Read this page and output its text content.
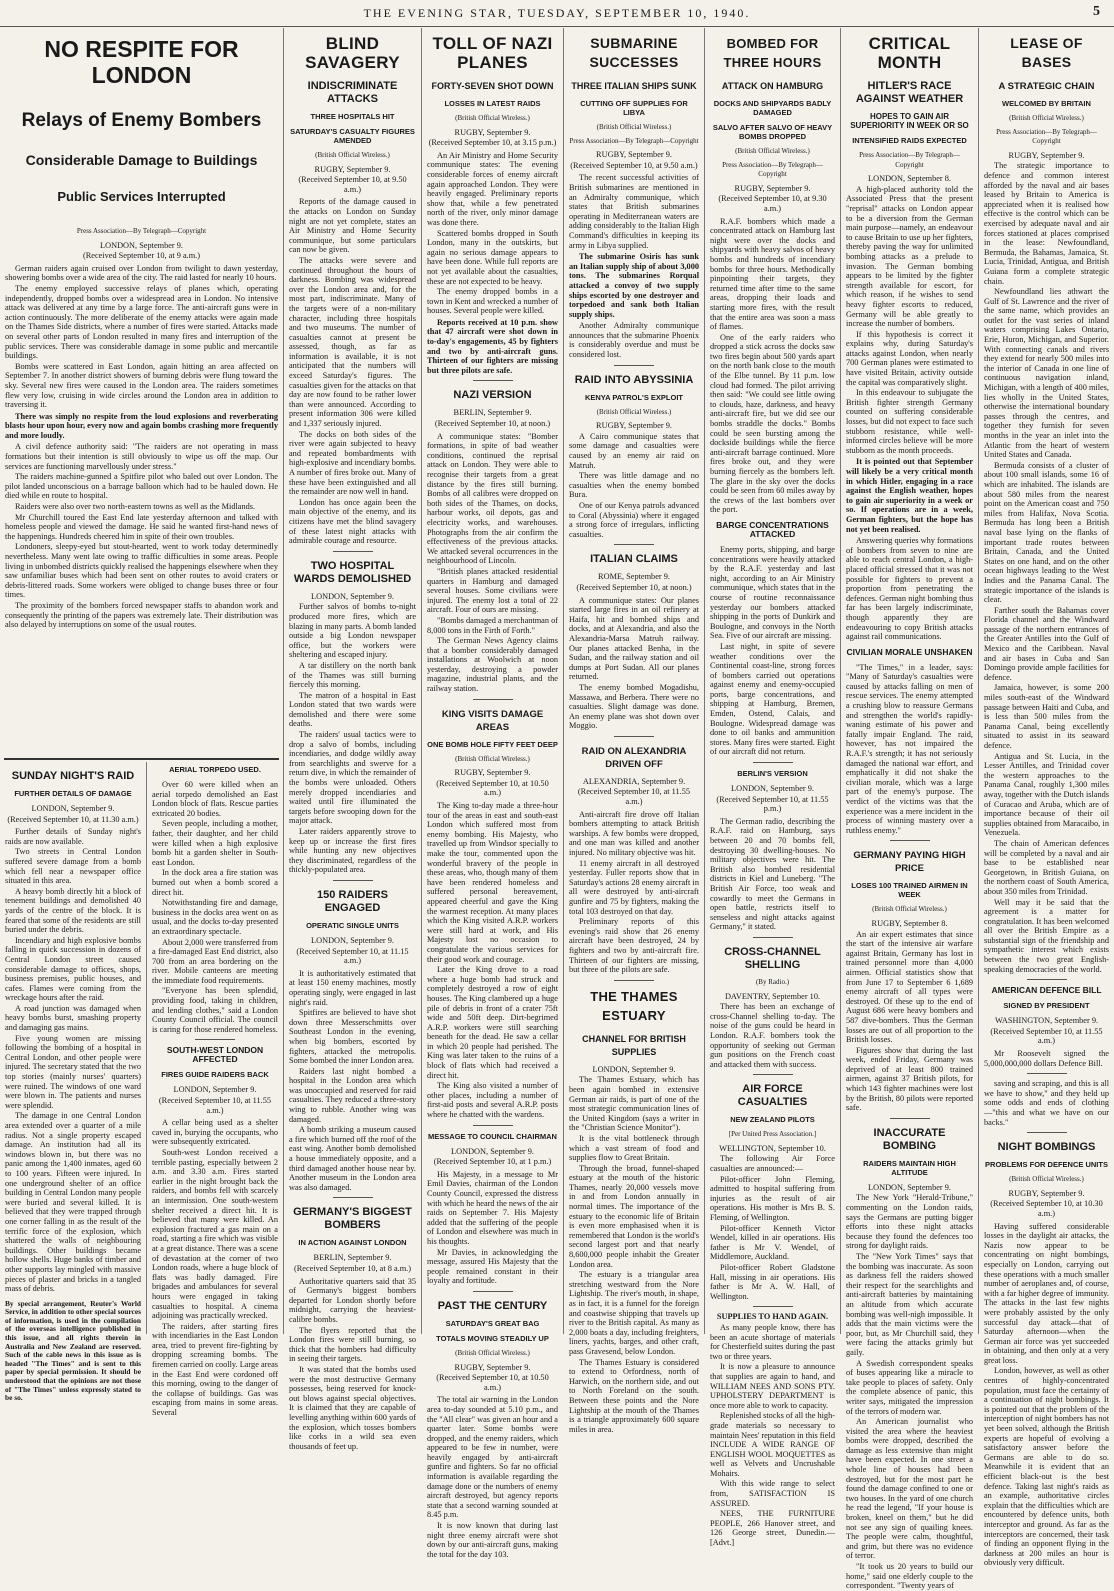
THE EVENING STAR, TUESDAY, SEPTEMBER 10, 1940.	5
NO RESPITE FOR LONDON
Relays of Enemy Bombers
Considerable Damage to Buildings
Public Services Interrupted
Press Association—By Telegraph—Copyright
LONDON, September 9.
(Received September 10, at 9 a.m.)

German raiders again cruised over London from twilight to dawn yesterday, showering bombs over a wide area of the city. The raid lasted for nearly 10 hours.

The enemy employed successive relays of planes which, operating independently, dropped bombs over a widespread area in London. No intensive attack was delivered at any time by a large force. The anti-aircraft guns were in action continuously. The more deliberate of the enemy attacks were again made on the Thames Side districts, where a number of fires were started. Attacks made on several other parts of London resulted in many fires and interruption of the public services. There was considerable damage in some public and mercantile buildings.

Bombs were scattered in East London, again hitting an area affected on September 7. In another district showers of burning debris were flung toward the sky. Several new fires were caused in the London area. The raiders sometimes flew very low, cruising in wide circles around the London area in addition to traversing it.

There was simply no respite from the loud explosions and reverberating blasts hour upon hour, every now and again bombs crashing more frequently and more loudly.

A civil defence authority said: "The raiders are not operating in mass formations but their intention is still obviously to wipe us off the map. Our services are functioning marvellously under stress."

The raiders machine-gunned a Spitfire pilot who baled out over London. The pilot landed unconscious on a barrage balloon which had to be hauled down. He died while en route to hospital.

Raiders were also over two north-eastern towns as well as the Midlands.

Mr Churchill toured the East End late yesterday afternoon and talked with homeless people and viewed the damage. He said he wanted first-hand news of the happenings. Hundreds cheered him in spite of their own troubles.

Londoners, sleepy-eyed but stout-hearted, went to work today determinedly nevertheless. Many went late owing to traffic difficulties in some areas. People living in unbombed districts quickly realised the happenings elsewhere when they saw unfamiliar buses which had been sent on other routes to avoid craters or debris-littered roads. Some workers were obliged to change buses three or four times.

The proximity of the bombers forced newspaper staffs to abandon work and consequently the printing of the papers was extremely late. Their distribution was also delayed by interruptions on some of the usual routes.

SUNDAY NIGHT'S RAID
FURTHER DETAILS OF DAMAGE
LONDON, September 9.
(Received September 10, at 11.30 a.m.)

Further details of Sunday night's raids are now available.

Two streets in Central London suffered severe damage from a bomb which fell near a newspaper office situated in this area.

A heavy bomb directly hit a block of tenement buildings and demolished 40 yards of the centre of the block. It is feared that some of the residents are still buried under the debris.

Incendiary and high explosive bombs falling in quick succession in dozens of Central London street caused considerable damage to offices, shops, business premises, public houses, and cafes. Flames were coming from the wreckage hours after the raid.

A road junction was damaged when heavy bombs burst, smashing property and damaging gas mains.

Five young women are missing following the bombing of a hospital in Central London, and other people were injured. The secretary stated that the two top stories (mainly nurses' quarters) were ruined. The windows of one ward were blown in. The patients and nurses were splendid.

The damage in one Central London area extended over a quarter of a mile radius. Not a single property escaped damage. An institution had all its windows blown in, but there was no panic among the 1,400 inmates, aged 60 to 100 years. Fifteen were injured. In one underground shelter of an office building in Central London many people were buried and several killed. It is believed that they were trapped through one corner falling in as the result of the terrific force of the explosion, which shattered the walls of neighbouring buildings. Other buildings became hollow shells. Huge banks of timber and other supports lay mingled with massive pieces of plaster and bricks in a tangled mass of debris.

By special arrangement, Reuter's World Service, in addition to other special sources of information, is used in the compilation of the overseas intelligence published in this issue, and all rights therein in Australia and New Zealand are reserved. Such of the cable news in this issue as is headed "The Times" and is sent to this paper by special permission. It should be understood that the opinions are not those of "The Times" unless expressly stated to be so.

AERIAL TORPEDO USED.

Over 60 were killed when an aerial torpedo demolished an East London block of flats. Rescue parties extricated 20 bodies.

Seven people, including a mother, father, their daughter, and her child were killed when a high explosive bomb hit a garden shelter in South-east London.

In the dock area a fire station was burned out when a bomb scored a direct hit.

Notwithstanding fire and damage, business in the docks area went on as usual, and the docks to-day presented an extraordinary spectacle.

About 2,000 were transferred from a fire-damaged East End district, also 700 from an area bordering on the river. Mobile canteens are meeting the immediate food requirements.

"Everyone has been splendid, providing food, taking in children, and lending clothes," said a London County Council official. The council is caring for those rendered homeless.

SOUTH-WEST LONDON AFFECTED
FIRES GUIDE RAIDERS BACK
LONDON, September 9.
(Received September 10, at 11.55 a.m.)

A cellar being used as a shelter caved in, burying the occupants, who were subsequently extricated.

South-west London received a terrible pasting, especially between 2 a.m. and 3.30 a.m. Fires started earlier in the night brought back the raiders, and bombs fell with scarcely an intermission. One south-western shelter received a direct hit. It is believed that many were killed. An explosion fractured a gas main on a road, starting a fire which was visible at a great distance. There was a scene of devastation at the corner of two London roads, where a huge block of flats was badly damaged. Fire brigades and ambulances for several hours were engaged in taking casualties to hospital. A cinema adjoining was practically wrecked.

The raiders, after starting fires with incendiaries in the East London area, tried to prevent fire-fighting by dropping screaming bombs. The firemen carried on coolly. Large areas in the East End were cordoned off this morning, owing to the danger of the collapse of buildings. Gas was escaping from mains in some areas. Several

BLIND SAVAGERY
INDISCRIMINATE ATTACKS
THREE HOSPITALS HIT
SATURDAY'S CASUALTY FIGURES AMENDED
(British Official Wireless.)
RUGBY, September 9.
(Received September 10, at 9.50 a.m.)

Reports of the damage caused in the attacks on London on Sunday night are not yet complete, states an Air Ministry and Home Security communique, but some particulars can now be given.

The attacks were severe and continued throughout the hours of darkness. Bombing was widespread over the London area and, for the most part, indiscriminate. Many of the targets were of a non-military character, including three hospitals and two museums. The number of casualties cannot at present be assessed, though, as far as information is available, it is not anticipated that the numbers will exceed Saturday's figures. The casualties given for the attacks on that day are now found to be rather lower than were announced. According to present information 306 were killed and 1,337 seriously injured.

The docks on both sides of the river were again subjected to heavy and repeated bombardments with high-explosive and incendiary bombs. A number of fires broke out. Many of these have been extinguished and all the remainder are now well in hand.

London has once again been the main objective of the enemy, and its citizens have met the blind savagery of these latest night attacks with admirable courage and resource.

TWO HOSPITAL WARDS DEMOLISHED
LONDON, September 9.

Further salvos of bombs to-night produced more fires, which are blazing in many parts. A bomb landed outside a big London newspaper office, but the workers were sheltering and escaped injury.

A tar distillery on the north bank of the Thames was still burning fiercely this morning.

The matron of a hospital in East London stated that two wards were demolished and there were some deaths.

The raiders' usual tactics were to drop a salvo of bombs, including incendiaries, and dodge wildly away from searchlights and swerve for a return dive, in which the remainder of the bombs were unloaded. Others merely dropped incendiaries and waited until fire illuminated the targets before swooping down for the major attack.

Later raiders apparently strove to keep up or increase the first fires while hunting any new objectives they discriminated, regardless of the thickly-populated area.

150 RAIDERS ENGAGED
OPERATIC SINGLE UNITS
LONDON, September 9.
(Received September 10, at 11.15 a.m.)

It is authoritatively estimated that at least 150 enemy machines, mostly operating singly, were engaged in last night's raid.

Spitfires are believed to have shot down three Messerschmitts over Southeast London in the evening, when big bombers, escorted by fighters, attacked the metropolis. Some bombed the inner London area.

Raiders last night bombed a hospital in the London area which was unoccupied and reserved for raid casualties. They reduced a three-story wing to rubble. Another wing was damaged.

A bomb striking a museum caused a fire which burned off the roof of the east wing. Another bomb demolished a house immediately opposite, and a third damaged another house near by. Another museum in the London area was also damaged.

GERMANY'S BIGGEST BOMBERS
IN ACTION AGAINST LONDON
BERLIN, September 9.
(Received September 10, at 8 a.m.)

Authoritative quarters said that 35 of Germany's biggest bombers departed for London shortly before midnight, carrying the heaviest-calibre bombs.

The flyers reported that the London fires were still burning, so thick that the bombers had difficulty in seeing their targets.

It was stated that the bombs used were the most destructive Germany possesses, being reserved for knock-out blows against special objectives. It is claimed that they are capable of levelling anything within 600 yards of the explosion, which tosses bombers like corks in a wild sea even thousands of feet up.

TOLL OF NAZI PLANES
FORTY-SEVEN SHOT DOWN
LOSSES IN LATEST RAIDS
(British Official Wireless.)
RUGBY, September 9.
(Received September 10, at 3.15 p.m.)

An Air Ministry and Home Security communique states: The evening considerable forces of enemy aircraft again approached London. They were heavily engaged. Preliminary reports show that, while a few penetrated north of the river, only minor damage was done there.

Scattered bombs dropped in South London, many in the outskirts, but again no serious damage appears to have been done. While full reports are not yet available about the casualties, these are not expected to be heavy.

The enemy dropped bombs in a town in Kent and wrecked a number of houses. Several people were killed.

Reports received at 10 p.m. show that 47 aircraft were shot down in to-day's engagements, 45 by fighters and two by anti-aircraft guns. Thirteen of our fighters are missing but three pilots are safe.

NAZI VERSION
BERLIN, September 9.
(Received September 10, at noon.)

A communique states: "Bomber formations, in spite of bad weather conditions, continued the reprisal attack on London. They were able to recognise their targets from a great distance by the fires still burning. Bombs of all calibres were dropped on both sides of the Thames, on docks, harbour works, oil depots, gas and electricity works, and warehouses. Photographs from the air confirm the effectiveness of the previous attacks. We attacked several occurrences in the neighbourhood of Lincoln.

"British planes attacked residential quarters in Hamburg and damaged several houses. Some civilians were injured. The enemy lost a total of 22 aircraft. Four of ours are missing.

"Bombs damaged a merchantman of 8,000 tons in the Firth of Forth."

The German News Agency claims that a bomber considerably damaged installations at Woolwich at noon yesterday, destroying a powder magazine, industrial plants, and the railway station.

KING VISITS DAMAGE AREAS
ONE BOMB HOLE FIFTY FEET DEEP
(British Official Wireless.)
RUGBY, September 9.
(Received September 10, at 10.50 a.m.)

The King to-day made a three-hour tour of the areas in east and south-east London which suffered most from enemy bombing. His Majesty, who travelled up from Windsor specially to make the tour, commented upon the wonderful bravery of the people in these areas, who, though many of them have been rendered homeless and suffered personal bereavement, appeared cheerful and gave the King the warmest reception. At many places which the King visited A.R.P. workers were still hard at work, and His Majesty lost no occasion to congratulate the various services for their good work and courage.

Later the King drove to a road where a huge bomb had struck and completely destroyed a row of eight houses. The King clambered up a huge pile of debris in front of a crater 75ft wide and 50ft deep. Dirt-begrimed A.R.P. workers were still searching beneath for the dead. He saw a cellar in which 20 people had perished. The King was later taken to the ruins of a block of flats which had received a direct hit.

The King also visited a number of other places, including a number of first-aid posts and several A.R.P. posts where he chatted with the wardens.

MESSAGE TO COUNCIL CHAIRMAN
LONDON, September 9.
(Received September 10, at 1 p.m.)

His Majesty, in a message to Mr Emil Davies, chairman of the London County Council, expressed the distress with which he heard the news of the air raids on September 7. His Majesty added that the suffering of the people of London and elsewhere was much in his thoughts.

Mr Davies, in acknowledging the message, assured His Majesty that the people remained constant in their loyalty and fortitude.

PAST THE CENTURY
SATURDAY'S GREAT BAG
TOTALS MOVING STEADILY UP
(British Official Wireless.)
RUGBY, September 9.
(Received September 10, at 10.50 a.m.)

The total air warning in the London area to-day sounded at 5.10 p.m., and the "All clear" was given an hour and a quarter later. Some bombs were dropped, and the enemy raiders, which appeared to be few in number, were heavily engaged by anti-aircraft gunfire and fighters. So far no official information is available regarding the damage done or the numbers of enemy aircraft destroyed, but agency reports state that a second warning sounded at 8.45 p.m.

It is now known that during last night three enemy aircraft were shot down by our anti-aircraft guns, making the total for the day 103.

SUBMARINE SUCCESSES
THREE ITALIAN SHIPS SUNK
CUTTING OFF SUPPLIES FOR LIBYA
(British Official Wireless.)
Press Association—By Telegraph—Copyright
RUGBY, September 9.
(Received September 10, at 9.50 a.m.)

The recent successful activities of British submarines are mentioned in an Admiralty communique, which states that British submarines operating in Mediterranean waters are adding considerably to the Italian High Command's difficulties in keeping its army in Libya supplied.

The submarine Osiris has sunk an Italian supply ship of about 3,000 tons. The submarines Rorqual attacked a convoy of two supply ships escorted by one destroyer and torpedoed and sank both Italian supply ships.

Another Admiralty communique announces that the submarine Phoenix is considerably overdue and must be considered lost.

RAID INTO ABYSSINIA
KENYA PATROL'S EXPLOIT
(British Official Wireless.)
RUGBY, September 9.

A Cairo communique states that some damage and casualties were caused by an enemy air raid on Matruh.

There was little damage and no casualties when the enemy bombed Bura.

One of our Kenya patrols advanced to Coral (Abyssinia) where it engaged a strong force of irregulars, inflicting casualties.

ITALIAN CLAIMS
ROME, September 9.
(Received September 10, at noon.)

A communique states: Our planes started large fires in an oil refinery at Haifa, hit and bombed ships and docks, and at Alexandria, and also the Alexandria-Marsa Matruh railway. Our planes attacked Benha, in the Sudan, and the railway station and oil dumps at Port Sudan. All our planes returned.

The enemy bombed Mogadishu, Massawa, and Berbera. There were no casualties. Slight damage was done. An enemy plane was shot down over Moggio.

RAID ON ALEXANDRIA DRIVEN OFF
ALEXANDRIA, September 9.
(Received September 10, at 11.55 a.m.)

Anti-aircraft fire drove off Italian bombers attempting to attack British warships. A few bombs were dropped, and one man was killed and another injured. No military objective was hit.

11 enemy aircraft in all destroyed yesterday. Fuller reports show that in Saturday's actions 28 enemy aircraft in all were destroyed by anti-aircraft gunfire and 75 by fighters, making the total 103 destroyed on that day.

Preliminary reports of this evening's raid show that 26 enemy aircraft have been destroyed, 24 by fighters and two by anti-aircraft fire. Thirteen of our fighters are missing, but three of the pilots are safe.

THE THAMES ESTUARY
CHANNEL FOR BRITISH SUPPLIES
LONDON, September 9.

The Thames Estuary, which has been again bombed in extensive German air raids, is part of one of the most strategic communication lines of the United Kingdom (says a writer in the "Christian Science Monitor").

It is the vital bottleneck through which a vast stream of food and supplies flow to Great Britain.

Through the broad, funnel-shaped estuary at the mouth of the historic Thames, nearly 20,000 vessels move in and from London annually in normal times. The importance of the estuary to the economic life of Britain is even more emphasised when it is remembered that London is the world's second largest port and that nearly 8,600,000 people inhabit the Greater London area.

The estuary is a triangular area stretching westward from the Nore Lightship. The river's mouth, in shape, as in fact, it is a funnel for the foreign and coastwise shipping that travels up river to the British capital. As many as 2,000 boats a day, including freighters, liners, yachts, barges, and other craft, pass Gravesend, below London.

The Thames Estuary is considered to extend to Orfordness, north of Harwich, on the northern side, and out to North Foreland on the south. Between these points and the Nore Lightship at the mouth of the Thames is a triangle approximately 600 square miles in area.

BOMBED FOR THREE HOURS
ATTACK ON HAMBURG
DOCKS AND SHIPYARDS BADLY DAMAGED
SALVO AFTER SALVO OF HEAVY BOMBS DROPPED
(British Official Wireless.)
Press Association—By Telegraph—Copyright
RUGBY, September 9.
(Received September 10, at 9.30 a.m.)

R.A.F. bombers which made a concentrated attack on Hamburg last night were over the docks and shipyards with heavy salvos of heavy bombs and hundreds of incendiary bombs for three hours. Methodically pinpointing their targets, they returned time after time to the same areas, dropping their loads and starting more fires, with the result that the entire area was soon a mass of flames.

One of the early raiders who dropped a stick across the docks saw two fires begin about 500 yards apart on the north bank close to the mouth of the Elbe tunnel. By 11 p.m. low cloud had formed. The pilot arriving then said: "We could see little owing to clouds, haze, darkness, and heavy anti-aircraft fire, but we did see our bombs straddle the docks." Bombs could be seen bursting among the dockside buildings while the fierce anti-aircraft barrage continued. More fires broke out, and they were burning fiercely as the bombers left. The glare in the sky over the docks could be seen from 60 miles away by the crews of the last bombers over the port.

BARGE CONCENTRATIONS ATTACKED

Enemy ports, shipping, and barge concentrations were heavily attacked by the R.A.F. yesterday and last night, according to an Air Ministry communique, which states that in the course of routine reconnaissance yesterday our bombers attacked shipping in the ports of Dunkirk and Boulogne, and convoys in the North Sea. Five of our aircraft are missing.

Last night, in spite of severe weather conditions over the Continental coast-line, strong forces of bombers carried out operations against enemy and enemy-occupied ports, barge concentrations, and shipping at Hamburg, Bremen, Emden, Ostend, Calais, and Boulogne. Widespread damage was done to oil banks and ammunition stores. Many fires were started. Eight of our aircraft did not return.

BERLIN'S VERSION
LONDON, September 9.
(Received September 10, at 11.55 p.m.)

The German radio, describing the R.A.F. raid on Hamburg, says between 20 and 70 bombs fell, destroying 30 dwelling-houses. No military objectives were hit. The British also bombed residential districts in Kiel and Luneberg. "The British Air Force, too weak and cowardly to meet the Germans in open battle, restricts itself to senseless and night attacks against Germany," it stated.

CROSS-CHANNEL SHELLING
(By Radio.)
DAVENTRY, September 10.

There has been an exchange of cross-Channel shelling to-day. The noise of the guns could be heard in London. R.A.F. bombers took the opportunity of seeking out German gun positions on the French coast and attacked them with success.

AIR FORCE CASUALTIES
NEW ZEALAND PILOTS
[Per United Press Association.]
WELLINGTON, September 10.

The following Air Force casualties are announced:—

Pilot-officer John Fleming, admitted to hospital suffering from injuries as the result of air operations. His mother is Mrs B. S. Fleming, of Wellington.

Pilot-officer Kenneth Victor Wendel, killed in air operations. His father is Mr V. Wendel, of Middlemore, Auckland.

Pilot-officer Robert Gladstone Hall, missing in air operations. His father is Mr A. W. Hall, of Wellington.

SUPPLIES TO HAND AGAIN.

As many people know, there has been an acute shortage of materials for Chesterfield suites during the past two or three years.

It is now a pleasure to announce that supplies are again to hand, and WILLIAM NEES AND SONS PTY. UPHOLSTERY DEPARTMENT is once more able to work to capacity.

Replenished stocks of all the high-grade materials so necessary to maintain Nees' reputation in this field INCLUDE A WIDE RANGE OF ENGLISH WOOL MOQUETTES as well as Velvets and Uncrushable Mohairs.

With this wide range to select from, SATISFACTION IS ASSURED.

NEES, THE FURNITURE PEOPLE, 266 Hanover street, and 126 George street, Dunedin.—[Advt.]

CRITICAL MONTH
HITLER'S RACE AGAINST WEATHER
HOPES TO GAIN AIR SUPERIORITY IN WEEK OR SO
INTENSIFIED RAIDS EXPECTED
Press Association—By Telegraph—Copyright
LONDON, September 8.

A high-placed authority told the Associated Press that the present "reprisal" attacks on London appear to be a diversion from the German main purpose—namely, an endeavour to cause Britain to use up her fighters, thereby paving the way for unlimited bombing attacks as a prelude to invasion. The German bombing appears to be limited by the fighter strength available for escort, for which reason, if he wishes to send heavy fighter escorts to reduced, Germany will be able greatly to increase the number of bombers.

If this hypothesis is correct it explains why, during Saturday's attacks against London, when nearly 700 German planes were estimated to have visited Britain, activity outside the capital was comparatively slight.

In this endeavour to subjugate the British fighter strength Germany counted on suffering considerable losses, but did not expect to face such stubborn resistance, while well-informed circles believe will be more stubborn as the month proceeds.

It is pointed out that September will likely be a very critical month in which Hitler, engaging in a race against the English weather, hopes to gain air superiority in a week or so. If operations are in a week, German fighters, but the hope has not yet been realised.

Answering queries why formations of bombers from seven to nine are able to reach central London, a high-placed official stressed that it was not possible for fighters to prevent a proportion from penetrating the defences. German night bombing thus far has been largely indiscriminate, though apparently they are endeavouring to copy British attacks against rail communications.

CIVILIAN MORALE UNSHAKEN

"The Times," in a leader, says: "Many of Saturday's casualties were caused by attacks falling on men of rescue services. The enemy attempted a crushing blow to reassure Germans and strengthen the world's rapidly-waning estimate of his power and fatally impair England. The raid, however, has not impaired the R.A.F.'s strength; it has not seriously damaged the national war effort, and emphatically it did not shake the civilian morale, which was a large part of the enemy's purpose. The verdict of the victims was that the experience was a mere incident in the process of winning mastery over a ruthless enemy."

GERMANY PAYING HIGH PRICE
LOSES 100 TRAINED AIRMEN IN WEEK
(British Official Wireless.)
RUGBY, September 8.

An air expert estimates that since the start of the intensive air warfare against Britain, Germany has lost in trained personnel more than 4,000 airmen. Official statistics show that from June 17 to September 6 1,689 enemy aircraft of all types were destroyed. Of these up to the end of August 686 were heavy bombers and 587 dive-bombers. Thus the German losses are out of all proportion to the British losses.

Figures show that during the last week, ended Friday, Germany was deprived of at least 800 trained airmen, against 37 British pilots, for which 143 fighter machines were lost by the British, 80 pilots were reported safe.

INACCURATE BOMBING
RAIDERS MAINTAIN HIGH ALTITUDE
LONDON, September 9.

The New York "Herald-Tribune," commenting on the London raids, says the Germans are putting bigger efforts into these night attacks because they found the defences too strong for daylight raids.

The "New York Times" says that the bombing was inaccurate. As soon as darkness fell the raiders showed their respect for the searchlights and anti-aircraft batteries by maintaining an altitude from which accurate bombing was well-nigh impossible. It adds that the main victims were the poor, but, as Mr Churchill said, they were facing the attacks grimly but gaily.

A Swedish correspondent speaks of buses appearing like a miracle to take people to places of safety. Only the complete absence of panic, this writer says, mitigated the impression of the terrors of modern war.

An American journalist who visited the area where the heaviest bombs were dropped, described the damage as less extensive than might have been expected. In one street a whole line of houses had been destroyed, but for the most part he found the damage confined to one or two houses. In the yard of one church he read the legend, "If your house is broken, kneel on them," but he did not see any sign of quailing knees. The people were calm, thoughtful, and grim, but there was no evidence of terror.

"It took us 20 years to build our home," said one elderly couple to the correspondent. "Twenty years of

LEASE OF BASES
A STRATEGIC CHAIN
WELCOMED BY BRITAIN
(British Official Wireless.)
Press Association—By Telegraph—Copyright
RUGBY, September 9.

The strategic importance to defence and common interest afforded by the naval and air bases leased by Britain to America is appreciated when it is realised how effective is the control which can be exercised by adequate naval and air forces stationed at places comprised in the lease: Newfoundland, Bermuda, the Bahamas, Jamaica, St. Lucia, Trinidad, Antigua, and British Guiana form a complete strategic chain.

Newfoundland lies athwart the Gulf of St. Lawrence and the river of the same name, which provides an outlet for the vast series of inland waters comprising Lakes Ontario, Erie, Huron, Michigan, and Superior. With connecting canals and rivers they extend for nearly 500 miles into the interior of Canada in one line of continuous navigation inland, Michigan, with a length of 400 miles, lies wholly in the United States, otherwise the international boundary passes through the centres, and together they furnish for seven months in the year an inlet into the Atlantic from the heart of western United States and Canada.

Bermuda consists of a cluster of about 100 small islands, some 16 of which are inhabited. The islands are about 580 miles from the nearest point on the American coast and 750 miles from Halifax, Nova Scotia. Bermuda has long been a British naval base lying on the flanks of important trade routes between Britain, Canada, and the United States on one hand, and on the other ocean highways leading to the West Indies and the Panama Canal. The strategic importance of the islands is clear.

Farther south the Bahamas cover Florida channel and the Windward passage of the northern entrances of the Greater Antilles into the Gulf of Mexico and the Caribbean. Naval and air bases in Cuba and San Domingo provide ample facilities for defence.

Jamaica, however, is some 200 miles south-east of the Windward passage between Haiti and Cuba, and is less than 500 miles from the Panama Canal, being excellently situated to assist in its seaward defence.

Antigua and St. Lucia, in the Lesser Antilles, and Trinidad cover the western approaches to the Panama Canal, roughly 1,300 miles away, together with the Dutch islands of Curacao and Aruba, which are of importance because of their oil supplies obtained from Maracaibo, in Venezuela.

The chain of American defences will be completed by a naval and air base to be established near Georgetown, in British Guiana, on the northern coast of South America, about 350 miles from Trinidad.

Well may it be said that the agreement is a matter for congratulation. It has been welcomed all over the British Empire as a substantial sign of the friendship and sympathetic interest which exists between the two great English-speaking democracies of the world.

AMERICAN DEFENCE BILL
SIGNED BY PRESIDENT
WASHINGTON, September 9.
(Received September 10, at 11.55 a.m.)

Mr Roosevelt signed the 5,000,000,000 dollars Defence Bill.

saving and scraping, and this is all we have to show," and they held up some odds and ends of clothing—"this and what we have on our backs."

NIGHT BOMBINGS
PROBLEMS FOR DEFENCE UNITS
(British Official Wireless.)
RUGBY, September 9.
(Received September 10, at 10.30 a.m.)

Having suffered considerable losses in the daylight air attacks, the Nazis now appear to be concentrating on night bombings, especially on London, carrying out these operations with a much smaller number of aeroplanes and, of course, with a far higher degree of immunity. The attacks in the last few nights were probably assisted by the only successful day attack—that of Saturday afternoon—when the German air force was yet succeeded in obtaining, and then only at a very great loss.

London, however, as well as other centres of highly-concentrated population, must face the certainty of a continuation of night bombings. It is pointed out that the problem of the interception of night bombers has not yet been solved, although the British experts are hopeful of evolving a satisfactory answer before the Germans are able to do so. Meanwhile it is evident that an efficient black-out is the best defence. Taking last night's raids as an example, authoritative circles explain that the difficulties which are encountered by defence units, both interceptor and ground. As far as the interceptors are concerned, their task of finding an opponent flying in the darkness at 200 miles an hour is obviously very difficult.
